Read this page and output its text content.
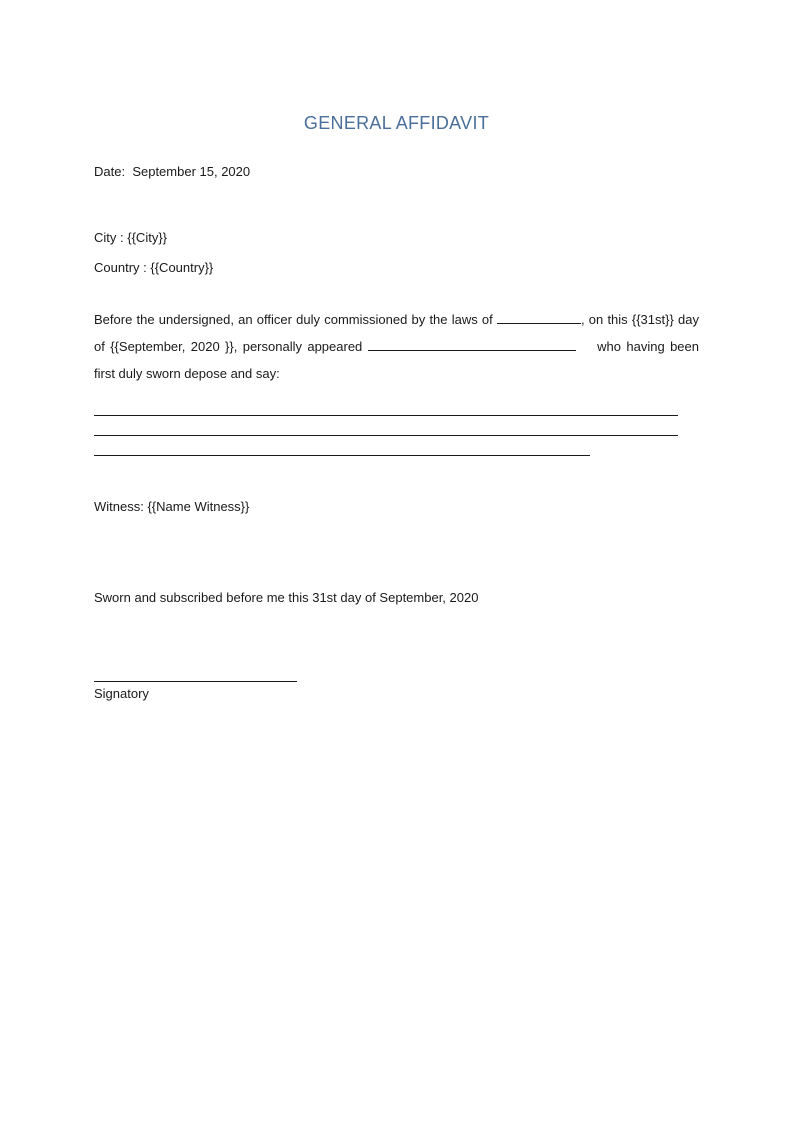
GENERAL AFFIDAVIT
Date: September 15, 2020
City : {{City}}
Country : {{Country}}
Before the undersigned, an officer duly commissioned by the laws of	, on this {{31st}} day of {{September, 2020 }}, personally appeared	who having been first duly sworn depose and say:
Witness: {{Name Witness}}
Sworn and subscribed before me this 31st day of September, 2020
Signatory
